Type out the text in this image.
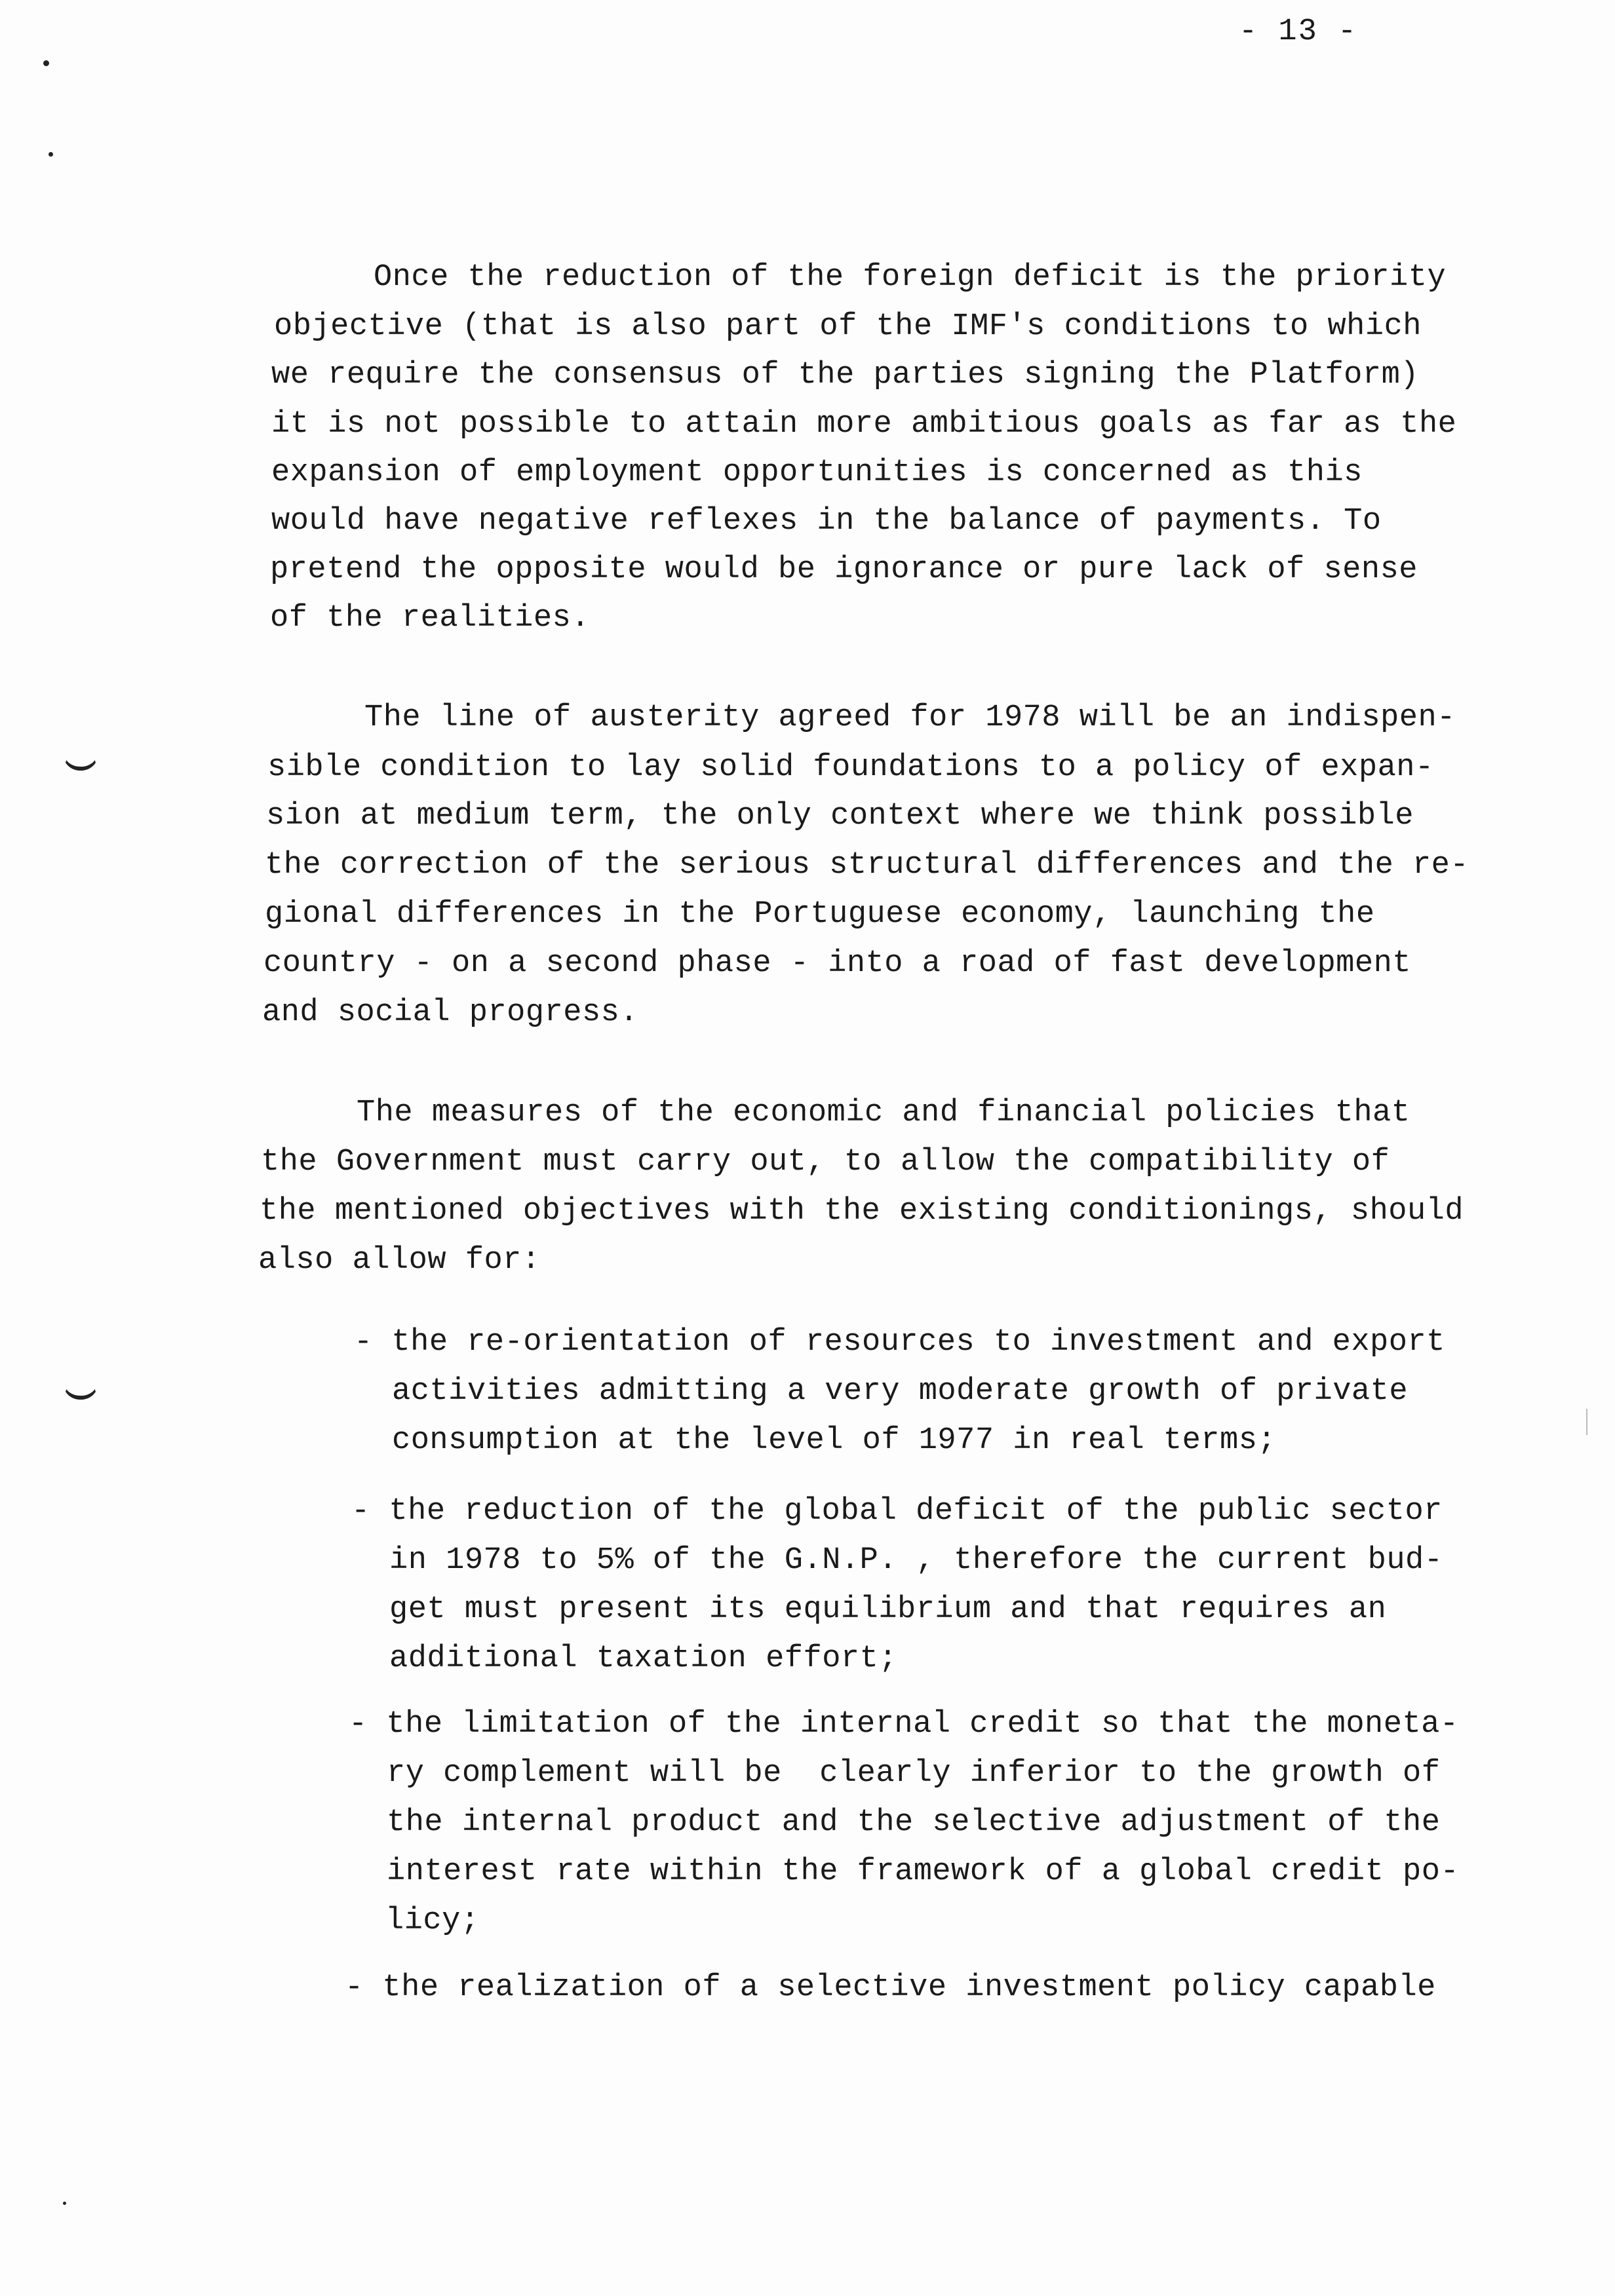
- 13 -
Once the reduction of the foreign deficit is the priority
objective (that is also part of the IMF's conditions to which
we require the consensus of the parties signing the Platform)
it is not possible to attain more ambitious goals as far as the
expansion of employment opportunities is concerned as this
would have negative reflexes in the balance of payments. To
pretend the opposite would be ignorance or pure lack of sense
of the realities.
The line of austerity agreed for 1978 will be an indispen-
sible condition to lay solid foundations to a policy of expan-
sion at medium term, the only context where we think possible
the correction of the serious structural differences and the re-
gional differences in the Portuguese economy, launching the
country - on a second phase - into a road of fast development
and social progress.
The measures of the economic and financial policies that
the Government must carry out, to allow the compatibility of
the mentioned objectives with the existing conditionings, should
also allow for:
- the re-orientation of resources to investment and export
activities admitting a very moderate growth of private
consumption at the level of 1977 in real terms;
- the reduction of the global deficit of the public sector
in 1978 to 5% of the G.N.P. , therefore the current bud-
get must present its equilibrium and that requires an
additional taxation effort;
- the limitation of the internal credit so that the moneta-
ry complement will be  clearly inferior to the growth of
the internal product and the selective adjustment of the
interest rate within the framework of a global credit po-
licy;
- the realization of a selective investment policy capable
